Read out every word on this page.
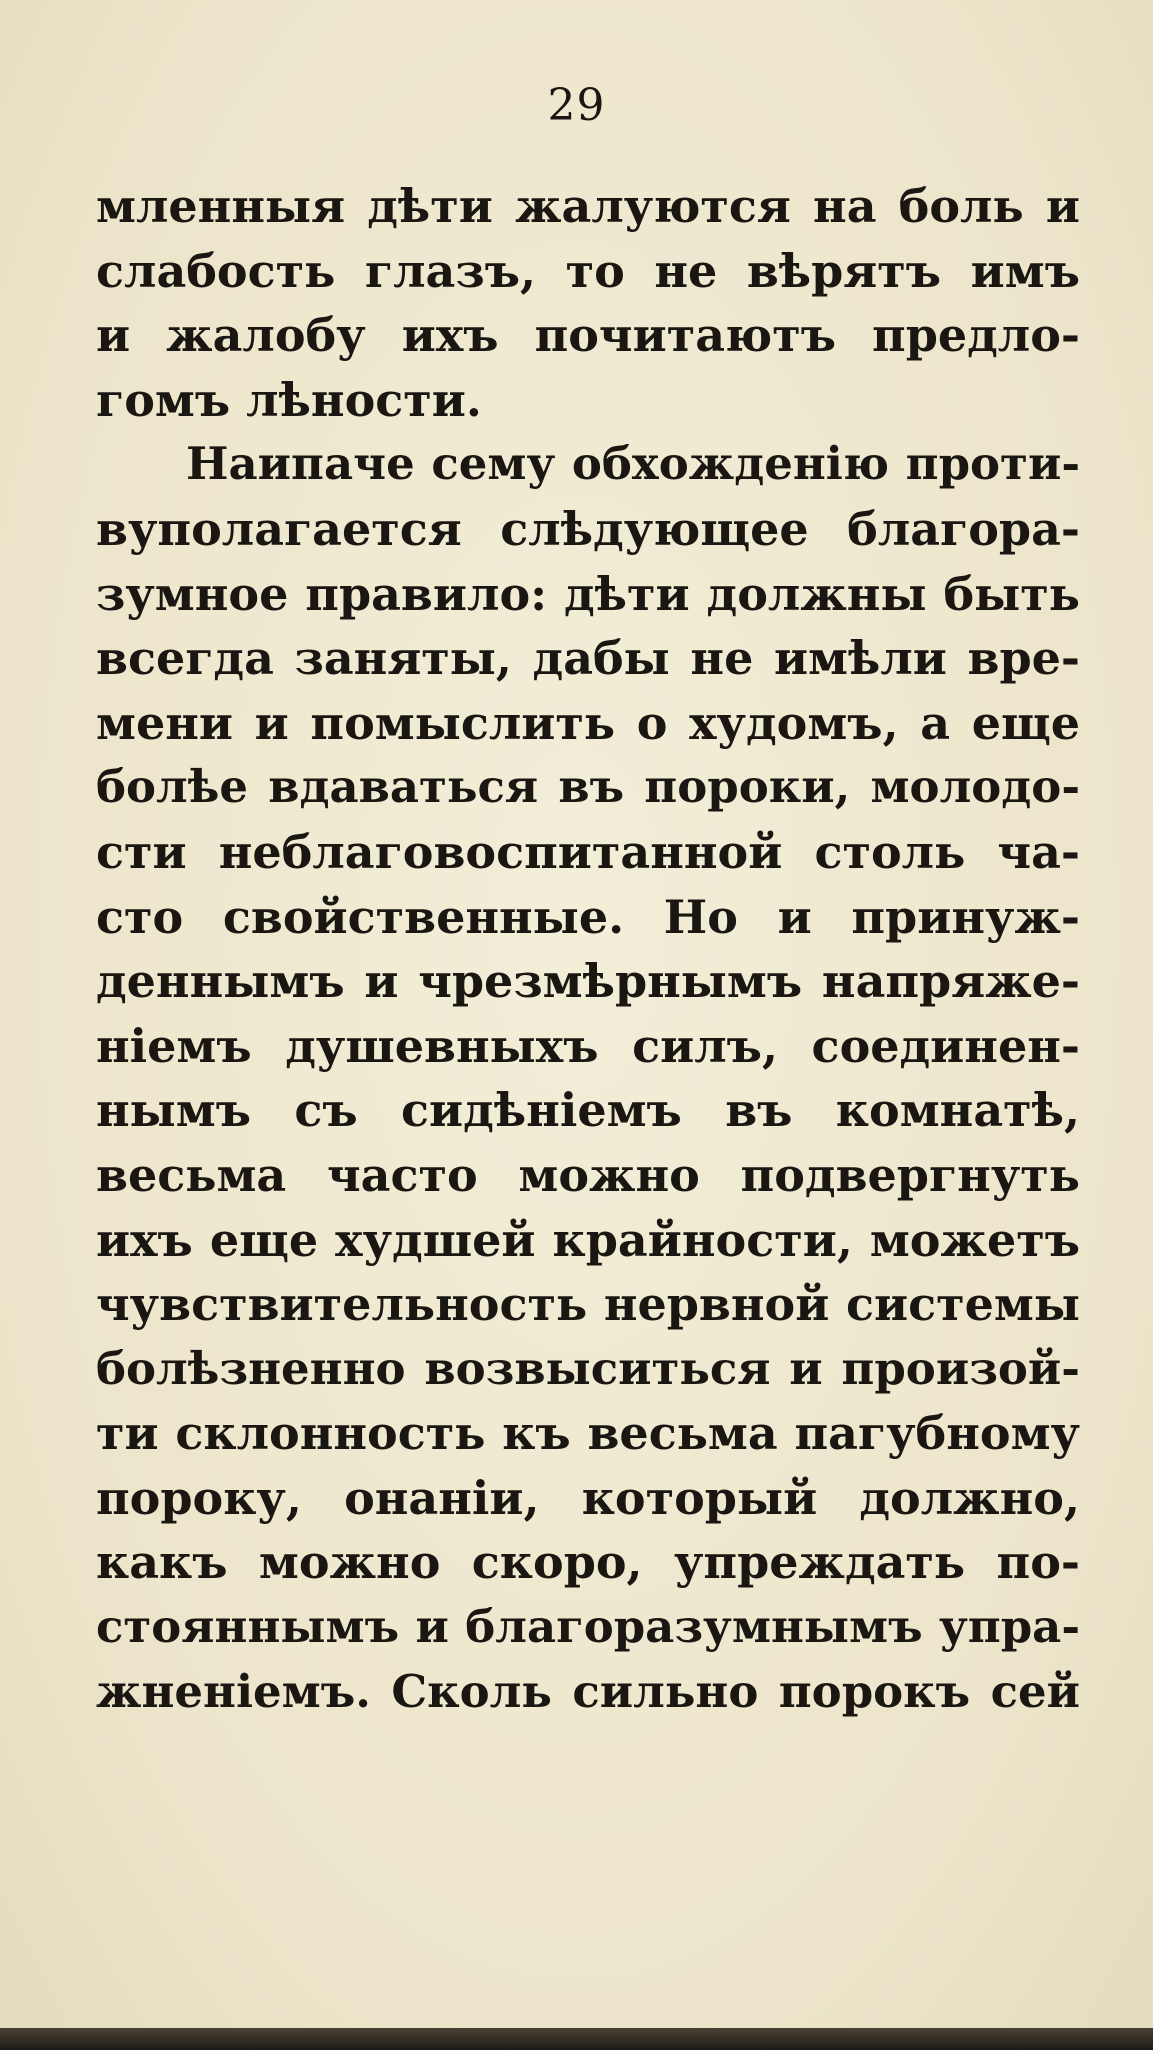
29
мленныя дѣти жалуются на боль и
слабость глазъ, то не вѣрятъ имъ
и жалобу ихъ почитаютъ предло-
гомъ лѣности.
Наипаче сему обхожденію проти-
вуполагается слѣдующее благора-
зумное правило: дѣти должны быть
всегда заняты, дабы не имѣли вре-
мени и помыслить о худомъ, а еще
болѣе вдаваться въ пороки, молодо-
сти неблаговоспитанной столь ча-
сто свойственные. Но и принуж-
деннымъ и чрезмѣрнымъ напряже-
ніемъ душевныхъ силъ, соединен-
нымъ съ сидѣніемъ въ комнатѣ,
весьма часто можно подвергнуть
ихъ еще худшей крайности, можетъ
чувствительность нервной системы
болѣзненно возвыситься и произой-
ти склонность къ весьма пагубному
пороку, онаніи, который должно,
какъ можно скоро, упреждать по-
стояннымъ и благоразумнымъ упра-
жненіемъ. Сколь сильно порокъ сей
